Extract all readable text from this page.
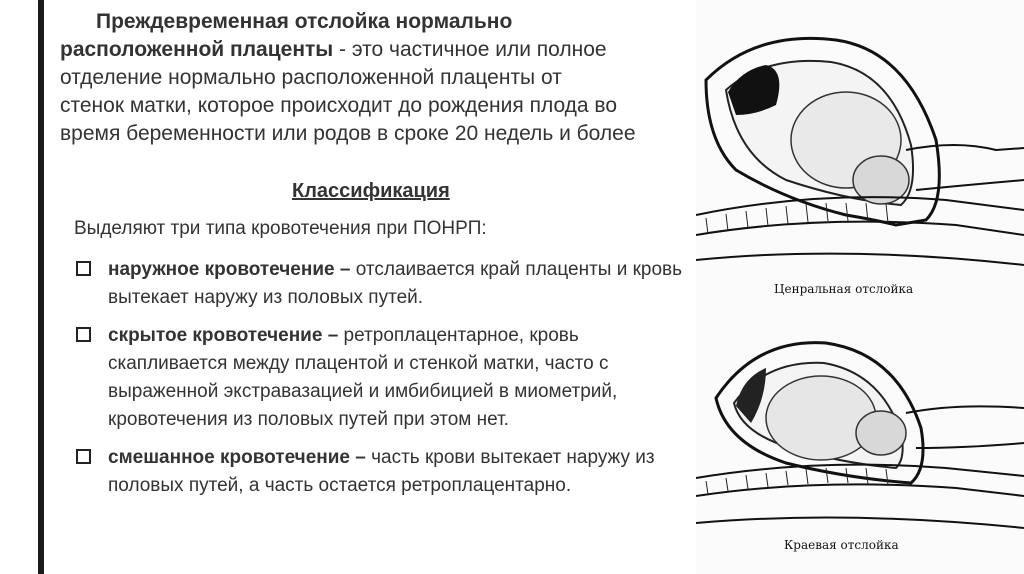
Преждевременная отслойка нормально

расположенной плаценты - это частичное или полное

отделение нормально расположенной плаценты от

стенок матки, которое происходит до рождения плода во

время беременности или родов в сроке 20 недель и более

Классификация
Выделяют три типа кровотечения при ПОНРП:
наружное кровотечение – отслаивается край плаценты и кровь вытекает наружу из половых путей.
скрытое кровотечение – ретроплацентарное, кровь скапливается между плацентой и стенкой матки, часто с выраженной экстравазацией и имбибицией в миометрий, кровотечения из половых путей при этом нет.
смешанное кровотечение – часть крови вытекает наружу из половых путей, а часть остается ретроплацентарно.
Ценральная отслойка
Краевая отслойка
